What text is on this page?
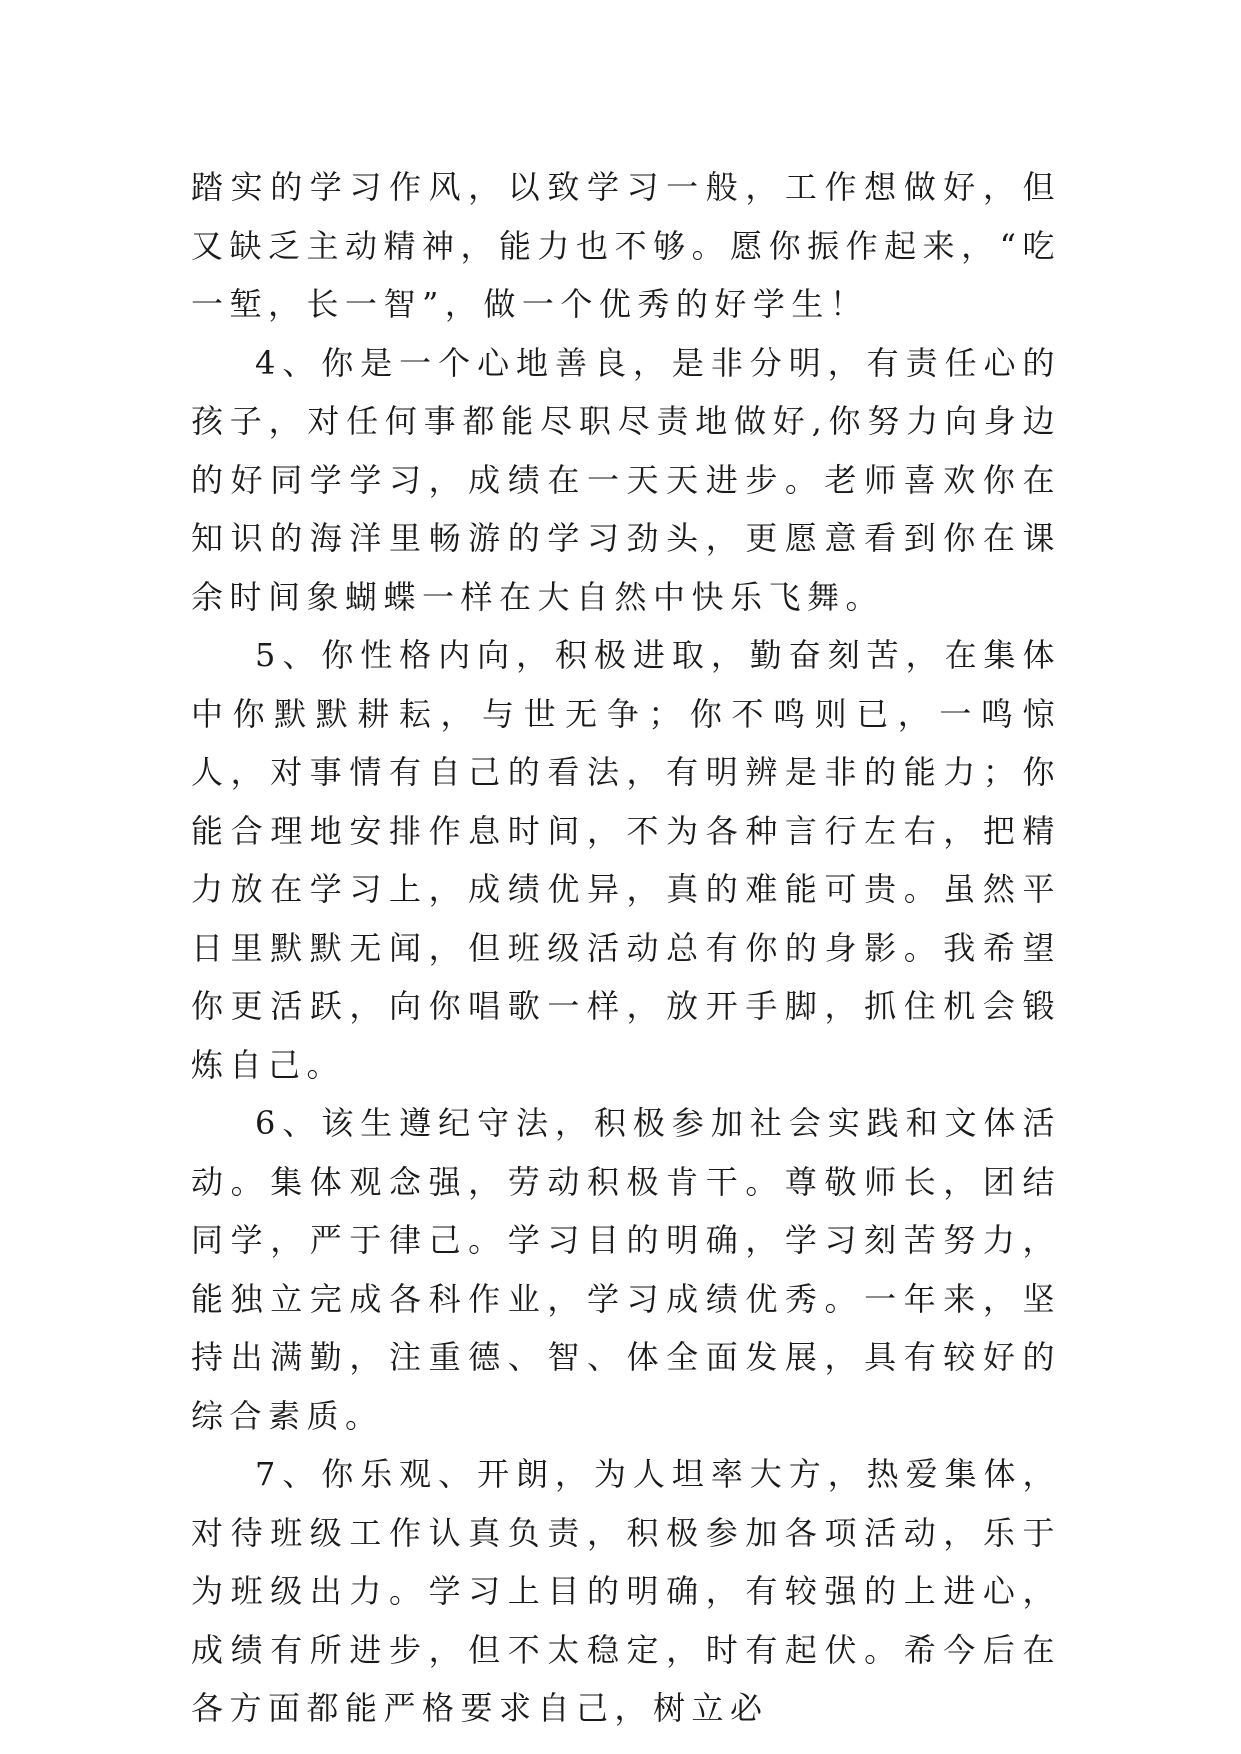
踏实的学习作风，以致学习一般，工作想做好，但又缺乏主动精神，能力也不够。愿你振作起来，“吃一堑，长一智”，做一个优秀的好学生！

4、你是一个心地善良，是非分明，有责任心的孩子，对任何事都能尽职尽责地做好,你努力向身边的好同学学习，成绩在一天天进步。老师喜欢你在知识的海洋里畅游的学习劲头，更愿意看到你在课余时间象蝴蝶一样在大自然中快乐飞舞。

5、你性格内向，积极进取，勤奋刻苦，在集体中你默默耕耘，与世无争；你不鸣则已，一鸣惊人，对事情有自己的看法，有明辨是非的能力；你能合理地安排作息时间，不为各种言行左右，把精力放在学习上，成绩优异，真的难能可贵。虽然平日里默默无闻，但班级活动总有你的身影。我希望你更活跃，向你唱歌一样，放开手脚，抓住机会锻炼自己。

6、该生遵纪守法，积极参加社会实践和文体活动。集体观念强，劳动积极肯干。尊敬师长，团结同学，严于律己。学习目的明确，学习刻苦努力，能独立完成各科作业，学习成绩优秀。一年来，坚持出满勤，注重德、智、体全面发展，具有较好的综合素质。

7、你乐观、开朗，为人坦率大方，热爱集体，对待班级工作认真负责，积极参加各项活动，乐于为班级出力。学习上目的明确，有较强的上进心，成绩有所进步，但不太稳定，时有起伏。希今后在各方面都能严格要求自己，树立必
